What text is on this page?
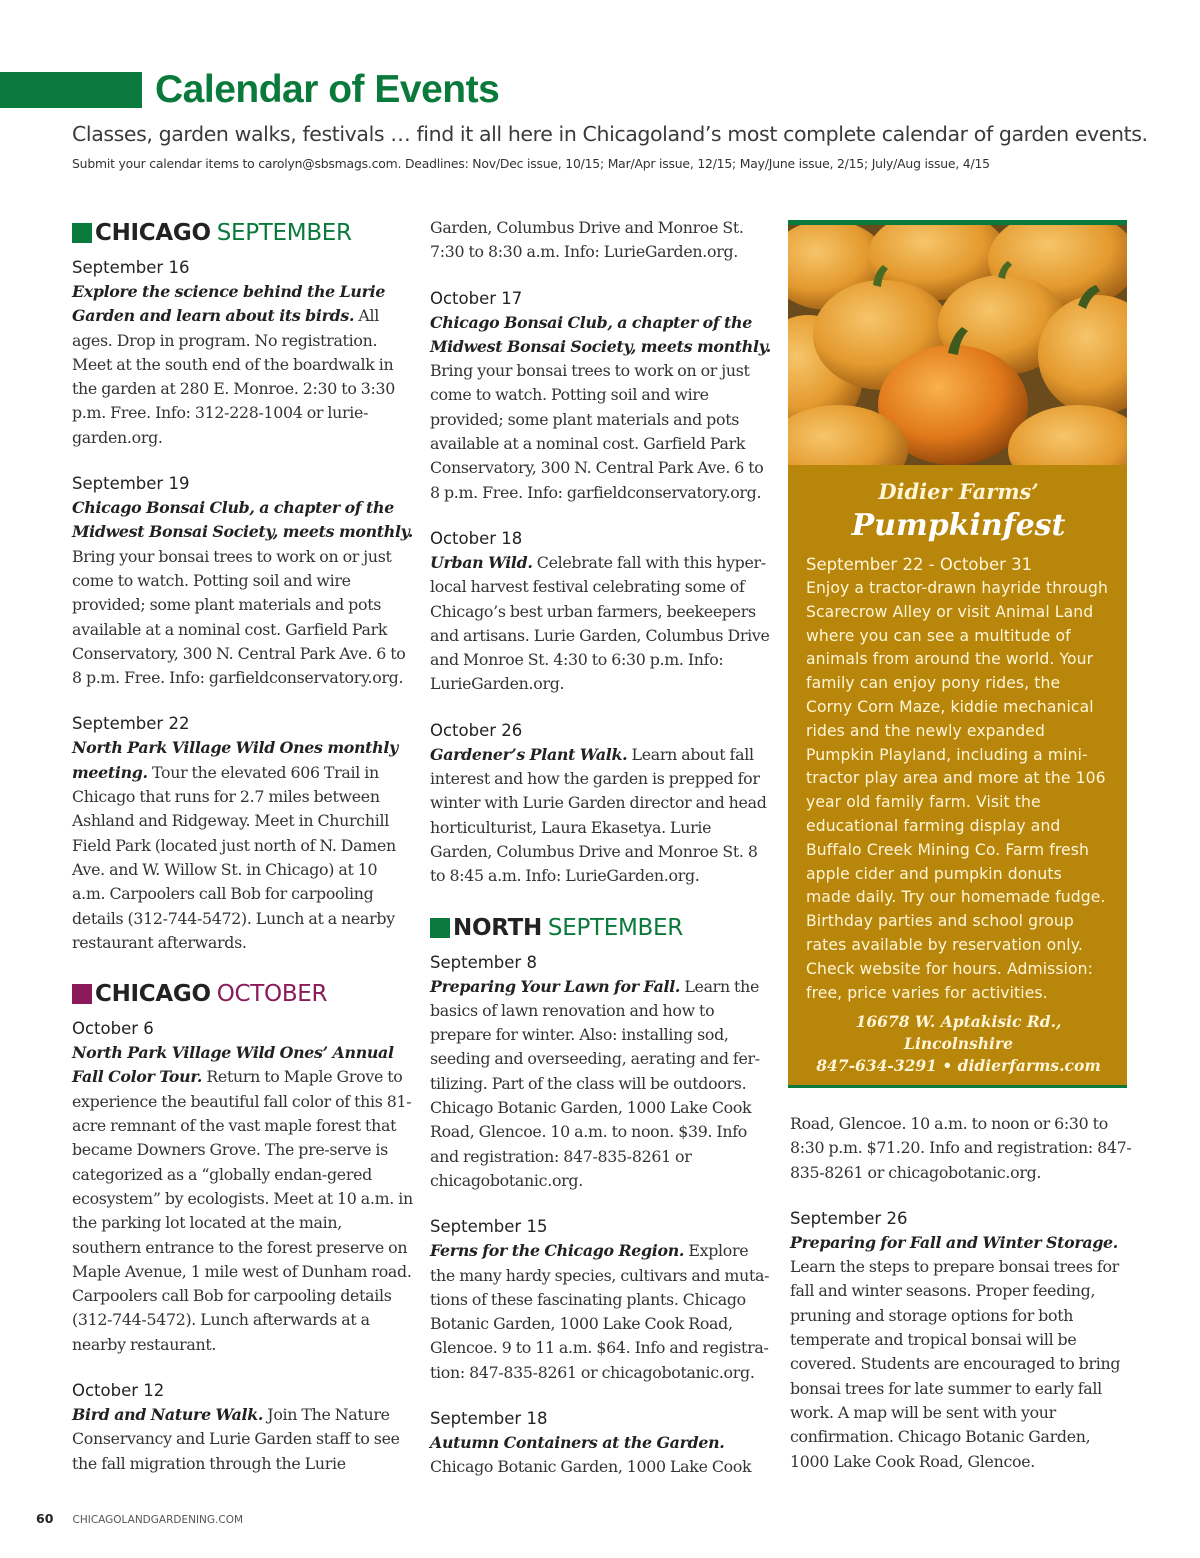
Calendar of Events
Classes, garden walks, festivals … find it all here in Chicagoland’s most complete calendar of garden events.
Submit your calendar items to carolyn@sbsmags.com. Deadlines: Nov/Dec issue, 10/15; Mar/Apr issue, 12/15; May/June issue, 2/15; July/Aug issue, 4/15
CHICAGO SEPTEMBER
September 16
Explore the science behind the Lurie Garden and learn about its birds. All ages. Drop in program. No registration. Meet at the south end of the boardwalk in the garden at 280 E. Monroe. 2:30 to 3:30 p.m. Free. Info: 312-228-1004 or lurie-garden.org.
September 19
Chicago Bonsai Club, a chapter of the Midwest Bonsai Society, meets monthly. Bring your bonsai trees to work on or just come to watch. Potting soil and wire provided; some plant materials and pots available at a nominal cost. Garfield Park Conservatory, 300 N. Central Park Ave. 6 to 8 p.m. Free. Info: garfieldconservatory.org.
September 22
North Park Village Wild Ones monthly meeting. Tour the elevated 606 Trail in Chicago that runs for 2.7 miles between Ashland and Ridgeway. Meet in Churchill Field Park (located just north of N. Damen Ave. and W. Willow St. in Chicago) at 10 a.m. Carpoolers call Bob for carpooling details (312-744-5472). Lunch at a nearby restaurant afterwards.
CHICAGO OCTOBER
October 6
North Park Village Wild Ones’ Annual Fall Color Tour. Return to Maple Grove to experience the beautiful fall color of this 81-acre remnant of the vast maple forest that became Downers Grove. The pre-serve is categorized as a “globally endan-gered ecosystem” by ecologists. Meet at 10 a.m. in the parking lot located at the main, southern entrance to the forest preserve on Maple Avenue, 1 mile west of Dunham road. Carpoolers call Bob for carpooling details (312-744-5472). Lunch afterwards at a nearby restaurant.
October 12
Bird and Nature Walk. Join The Nature Conservancy and Lurie Garden staff to see the fall migration through the Lurie
Garden, Columbus Drive and Monroe St. 7:30 to 8:30 a.m. Info: LurieGarden.org.
October 17
Chicago Bonsai Club, a chapter of the Midwest Bonsai Society, meets monthly. Bring your bonsai trees to work on or just come to watch. Potting soil and wire provided; some plant materials and pots available at a nominal cost. Garfield Park Conservatory, 300 N. Central Park Ave. 6 to 8 p.m. Free. Info: garfieldconservatory.org.
October 18
Urban Wild. Celebrate fall with this hyper-local harvest festival celebrating some of Chicago’s best urban farmers, beekeepers and artisans. Lurie Garden, Columbus Drive and Monroe St. 4:30 to 6:30 p.m. Info: LurieGarden.org.
October 26
Gardener’s Plant Walk. Learn about fall interest and how the garden is prepped for winter with Lurie Garden director and head horticulturist, Laura Ekasetya. Lurie Garden, Columbus Drive and Monroe St. 8 to 8:45 a.m. Info: LurieGarden.org.
NORTH SEPTEMBER
September 8
Preparing Your Lawn for Fall. Learn the basics of lawn renovation and how to prepare for winter. Also: installing sod, seeding and overseeding, aerating and fer-tilizing. Part of the class will be outdoors. Chicago Botanic Garden, 1000 Lake Cook Road, Glencoe. 10 a.m. to noon. $39. Info and registration: 847-835-8261 or chicagobotanic.org.
September 15
Ferns for the Chicago Region. Explore the many hardy species, cultivars and muta-tions of these fascinating plants. Chicago Botanic Garden, 1000 Lake Cook Road, Glencoe. 9 to 11 a.m. $64. Info and registra-tion: 847-835-8261 or chicagobotanic.org.
September 18
Autumn Containers at the Garden. Chicago Botanic Garden, 1000 Lake Cook
Didier Farms’
Pumpkinfest
September 22 - October 31
Enjoy a tractor-drawn hayride through Scarecrow Alley or visit Animal Land where you can see a multitude of animals from around the world. Your family can enjoy pony rides, the Corny Corn Maze, kiddie mechanical rides and the newly expanded Pumpkin Playland, including a mini-tractor play area and more at the 106 year old family farm. Visit the educational farming display and Buffalo Creek Mining Co. Farm fresh apple cider and pumpkin donuts made daily. Try our homemade fudge. Birthday parties and school group rates available by reservation only. Check website for hours. Admission: free, price varies for activities.
16678 W. Aptakisic Rd., Lincolnshire
847-634-3291 • didierfarms.com
Road, Glencoe. 10 a.m. to noon or 6:30 to 8:30 p.m. $71.20. Info and registration: 847-835-8261 or chicagobotanic.org.
September 26
Preparing for Fall and Winter Storage. Learn the steps to prepare bonsai trees for fall and winter seasons. Proper feeding, pruning and storage options for both temperate and tropical bonsai will be covered. Students are encouraged to bring bonsai trees for late summer to early fall work. A map will be sent with your confirmation. Chicago Botanic Garden, 1000 Lake Cook Road, Glencoe.
60 CHICAGOLANDGARDENING.COM
